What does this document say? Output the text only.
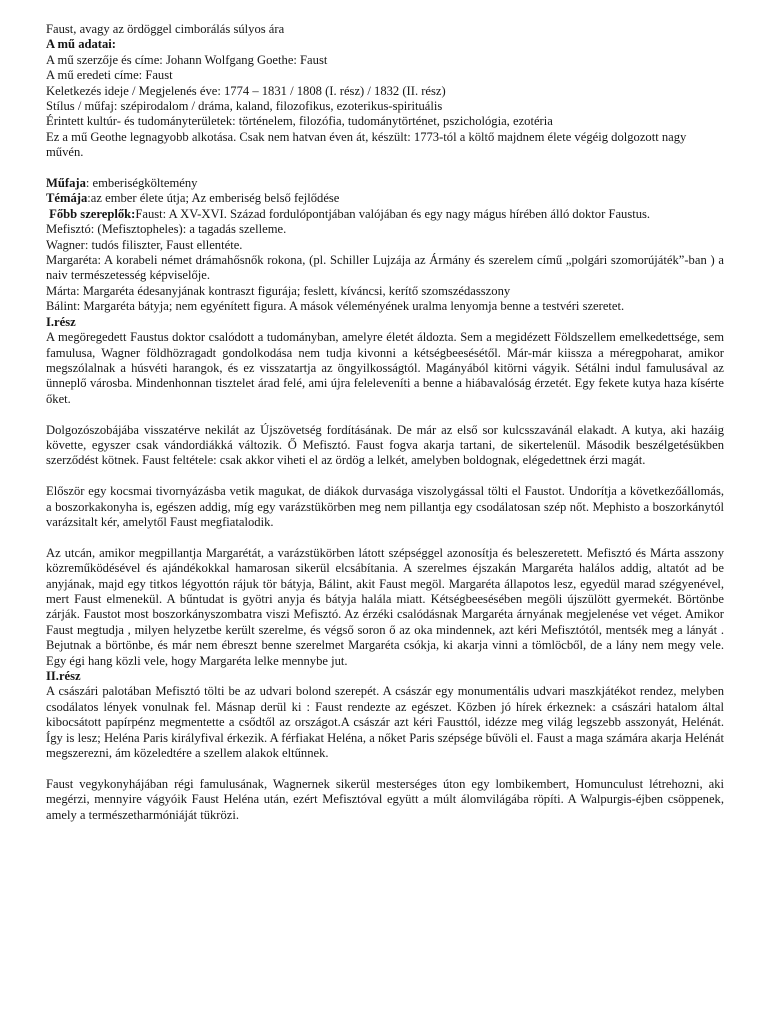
Faust, avagy az ördöggel cimborálás súlyos ára

A mű adatai:

A mű szerzője és címe: Johann Wolfgang Goethe: Faust

A mű eredeti címe: Faust

Keletkezés ideje / Megjelenés éve: 1774 – 1831 / 1808 (I. rész) / 1832 (II. rész)

Stílus / műfaj: szépirodalom / dráma, kaland, filozofikus, ezoterikus-spirituális

Érintett kultúr- és tudományterületek: történelem, filozófia, tudománytörténet, pszichológia, ezotéria

Ez a mű Geothe legnagyobb alkotása. Csak nem hatvan éven át, készült: 1773-tól a költő majdnem élete végéig dolgozott nagy művén.

Műfaja: emberiségköltemény

Témája:az ember élete útja; Az emberiség belső fejlődése

Főbb szereplők:Faust: A XV-XVI. Század fordulópontjában valójában és egy nagy mágus hírében álló doktor Faustus.

Mefisztó: (Mefisztopheles): a tagadás szelleme.

Wagner: tudós filiszter, Faust ellentéte.

Margaréta: A korabeli német drámahősnők rokona, (pl. Schiller Lujzája az Ármány és szerelem című „polgári szomorújáték”-ban ) a naiv természetesség képviselője.

Márta: Margaréta édesanyjának kontraszt figurája; feslett, kíváncsi, kerítő szomszédasszony

Bálint: Margaréta bátyja; nem egyénített figura. A mások véleményének uralma lenyomja benne a testvéri szeretet.

I.rész

A megöregedett Faustus doktor csalódott a tudományban, amelyre életét áldozta. Sem a megidézett Földszellem emelkedettsége, sem famulusa, Wagner földhözragadt gondolkodása nem tudja kivonni a kétségbeesésétől. Már-már kiissza a méregpoharat, amikor megszólalnak a húsvéti harangok, és ez visszatartja az öngyilkosságtól. Magányából kitörni vágyik. Sétálni indul famulusával az ünneplő városba. Mindenhonnan tisztelet árad felé, ami újra feleleveníti a benne a hiábavalóság érzetét. Egy fekete kutya haza kísérte őket.

Dolgozószobájába visszatérve nekilát az Újszövetség fordításának. De már az első sor kulcsszavánál elakadt. A kutya, aki hazáig követte, egyszer csak vándordiákká változik. Ő Mefisztó. Faust fogva akarja tartani, de sikertelenül. Második beszélgetésükben szerződést kötnek. Faust feltétele: csak akkor viheti el az ördög a lelkét, amelyben boldognak, elégedettnek érzi magát.

Először egy kocsmai tivornyázásba vetik magukat, de diákok durvasága viszolygással tölti el Faustot. Undorítja a következőállomás, a boszorkakonyha is, egészen addig, míg egy varázstükörben meg nem pillantja egy csodálatosan szép nőt. Mephisto a boszorkánytól varázsitalt kér, amelytől Faust megfiatalodik.

Az utcán, amikor megpillantja Margarétát, a varázstükörben látott szépséggel azonosítja és beleszeretett. Mefisztó és Márta asszony közreműködésével és ajándékokkal hamarosan sikerül elcsábítania. A szerelmes éjszakán Margaréta halálos addig, altatót ad be anyjának, majd egy titkos légyottón rájuk tör bátyja, Bálint, akit Faust megöl. Margaréta állapotos lesz, egyedül marad szégyenével, mert Faust elmenekül. A bűntudat is gyötri anyja és bátyja halála miatt. Kétségbeesésében megöli újszülött gyermekét. Börtönbe zárják. Faustot most boszorkányszombatra viszi Mefisztó. Az érzéki csalódásnak Margaréta árnyának megjelenése vet véget. Amikor Faust megtudja , milyen helyzetbe került szerelme, és végső soron ő az oka mindennek, azt kéri Mefisztótól, mentsék meg a lányát . Bejutnak a börtönbe, és már nem ébreszt benne szerelmet Margaréta csókja, ki akarja vinni a tömlöcből, de a lány nem megy vele. Egy égi hang közli vele, hogy Margaréta lelke mennybe jut.

II.rész

A császári palotában Mefisztó tölti be az udvari bolond szerepét. A császár egy monumentális udvari maszkjátékot rendez, melyben csodálatos lények vonulnak fel. Másnap derül ki : Faust rendezte az egészet. Közben jó hírek érkeznek: a császári hatalom által kibocsátott papírpénz megmentette a csődtől az országot.A császár azt kéri Fausttól, idézze meg világ legszebb asszonyát, Helénát. Így is lesz; Heléna Paris királyfival érkezik. A férfiakat Heléna, a nőket Paris szépsége bűvöli el. Faust a maga számára akarja Helénát megszerezni, ám közeledtére a szellem alakok eltűnnek.

Faust vegykonyhájában régi famulusának, Wagnernek sikerül mesterséges úton egy lombikembert, Homunculust létrehozni, aki megérzi, mennyire vágyóik Faust Heléna után, ezért Mefisztóval együtt a múlt álomvilágába röpíti. A Walpurgis-éjben csöppenek, amely a természetharmóniáját tükrözi.
